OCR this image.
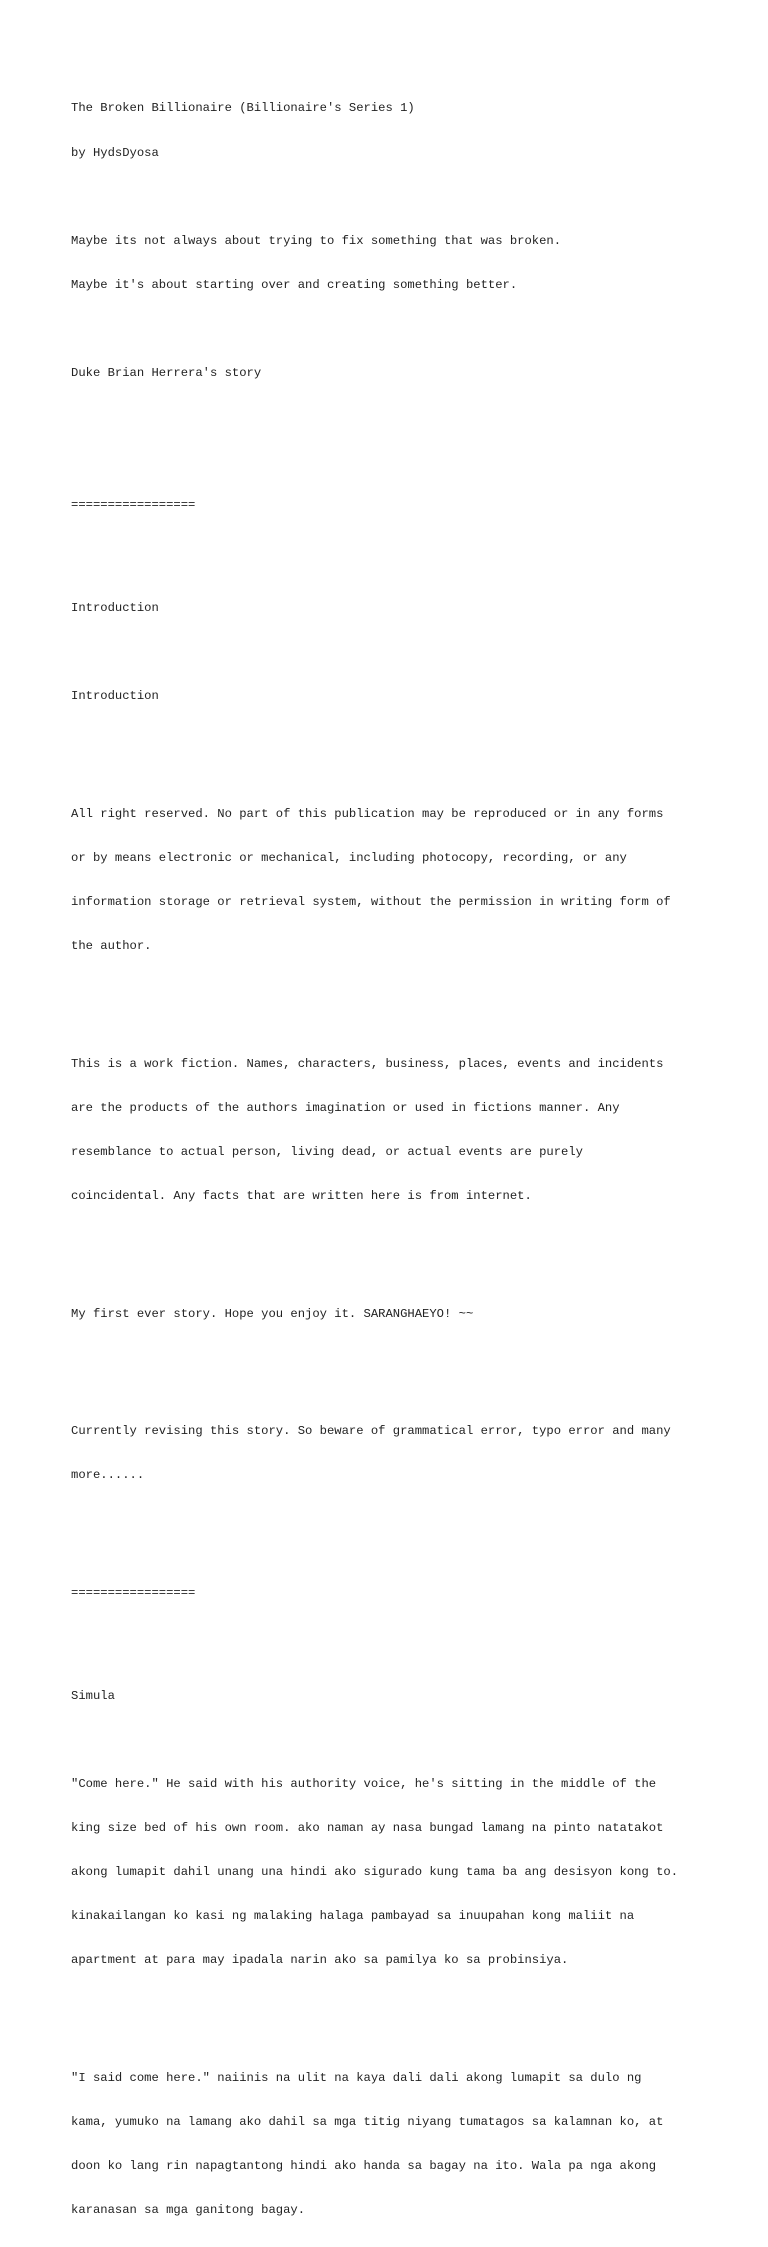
The Broken Billionaire (Billionaire's Series 1)

by HydsDyosa

Maybe its not always about trying to fix something that was broken.

Maybe it's about starting over and creating something better.

Duke Brian Herrera's story

=================

Introduction

Introduction

All right reserved. No part of this publication may be reproduced or in any forms

or by means electronic or mechanical, including photocopy, recording, or any

information storage or retrieval system, without the permission in writing form of

the author.

This is a work fiction. Names, characters, business, places, events and incidents

are the products of the authors imagination or used in fictions manner. Any

resemblance to actual person, living dead, or actual events are purely

coincidental. Any facts that are written here is from internet.

My first ever story. Hope you enjoy it. SARANGHAEYO! ~~

Currently revising this story. So beware of grammatical error, typo error and many

more......

=================

Simula

"Come here." He said with his authority voice, he's sitting in the middle of the

king size bed of his own room. ako naman ay nasa bungad lamang na pinto natatakot

akong lumapit dahil unang una hindi ako sigurado kung tama ba ang desisyon kong to.

kinakailangan ko kasi ng malaking halaga pambayad sa inuupahan kong maliit na

apartment at para may ipadala narin ako sa pamilya ko sa probinsiya.

"I said come here." naiinis na ulit na kaya dali dali akong lumapit sa dulo ng

kama, yumuko na lamang ako dahil sa mga titig niyang tumatagos sa kalamnan ko, at

doon ko lang rin napagtantong hindi ako handa sa bagay na ito. Wala pa nga akong

karanasan sa mga ganitong bagay.
